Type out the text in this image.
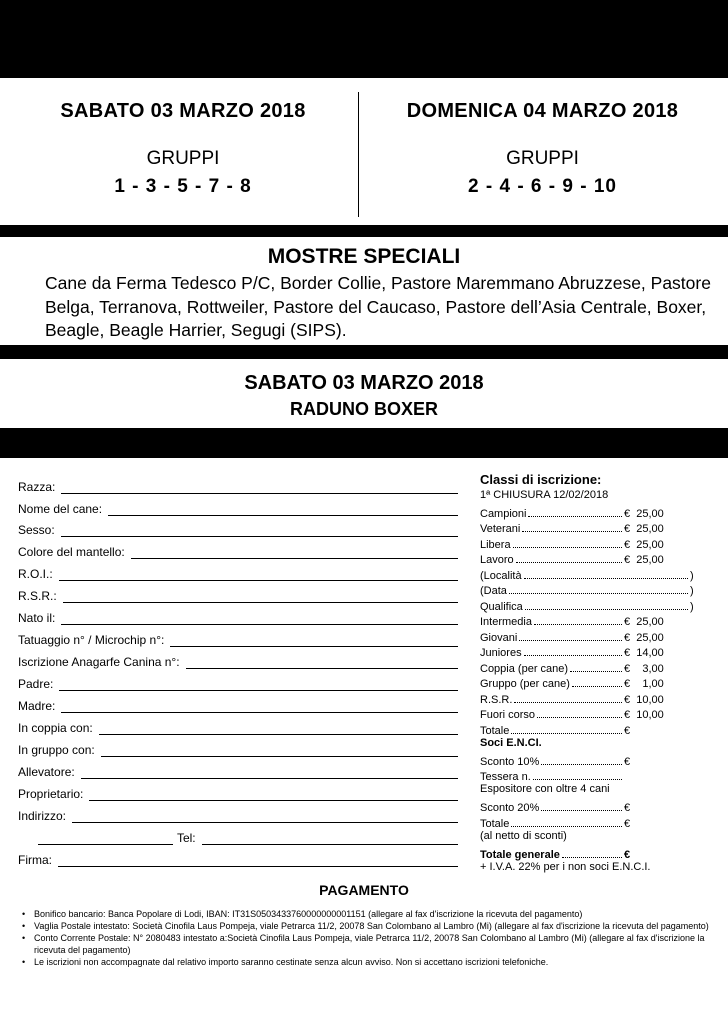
SABATO 03 MARZO 2018
GRUPPI
1 - 3 - 5 - 7 - 8
DOMENICA 04 MARZO 2018
GRUPPI
2 - 4 - 6 - 9 - 10
MOSTRE SPECIALI
Cane da Ferma Tedesco P/C, Border Collie, Pastore Maremmano Abruzzese, Pastore Belga, Terranova, Rottweiler, Pastore del Caucaso, Pastore dell’Asia Centrale, Boxer, Beagle, Beagle Harrier, Segugi (SIPS).
SABATO 03 MARZO 2018
RADUNO BOXER
Razza:
Nome del cane:
Sesso:
Colore del mantello:
R.O.I.:
R.S.R.:
Nato il:
Tatuaggio n° / Microchip n°:
Iscrizione Anagarfe Canina n°:
Padre:
Madre:
In coppia con:
In gruppo con:
Allevatore:
Proprietario:
Indirizzo:
Tel:
Firma:
Classi di iscrizione:
1ª CHIUSURA 12/02/2018
Campioni	€  25,00
Veterani	€  25,00
Libera	€  25,00
Lavoro	€  25,00
(Località	)
(Data	)
Qualifica	)
Intermedia	€  25,00
Giovani	€  25,00
Juniores	€  14,00
Coppia (per cane)	€    3,00
Gruppo (per cane)	€    1,00
R.S.R.	€  10,00
Fuori corso	€  10,00
Totale	€
Soci E.N.CI.
Sconto 10%	€
Tessera n.
Espositore con oltre 4 cani
Sconto 20%	€
Totale	€
(al netto di sconti)
Totale generale	€
+ I.V.A. 22% per i non soci E.N.C.I.
PAGAMENTO
• Bonifico bancario: Banca Popolare di Lodi, IBAN: IT31S0503433760000000001151 (allegare al fax d'iscrizione la ricevuta del pagamento)
• Vaglia Postale intestato: Società Cinofila Laus Pompeja, viale Petrarca 11/2, 20078 San Colombano al Lambro (Mi) (allegare al fax d'iscrizione la ricevuta del pagamento)
• Conto Corrente Postale: N° 2080483 intestato a:Società Cinofila Laus Pompeja, viale Petrarca 11/2, 20078 San Colombano al Lambro (Mi) (allegare al fax d'iscrizione la ricevuta del pagamento)
• Le iscrizioni non accompagnate dal relativo importo saranno cestinate senza alcun avviso. Non si accettano iscrizioni telefoniche.
